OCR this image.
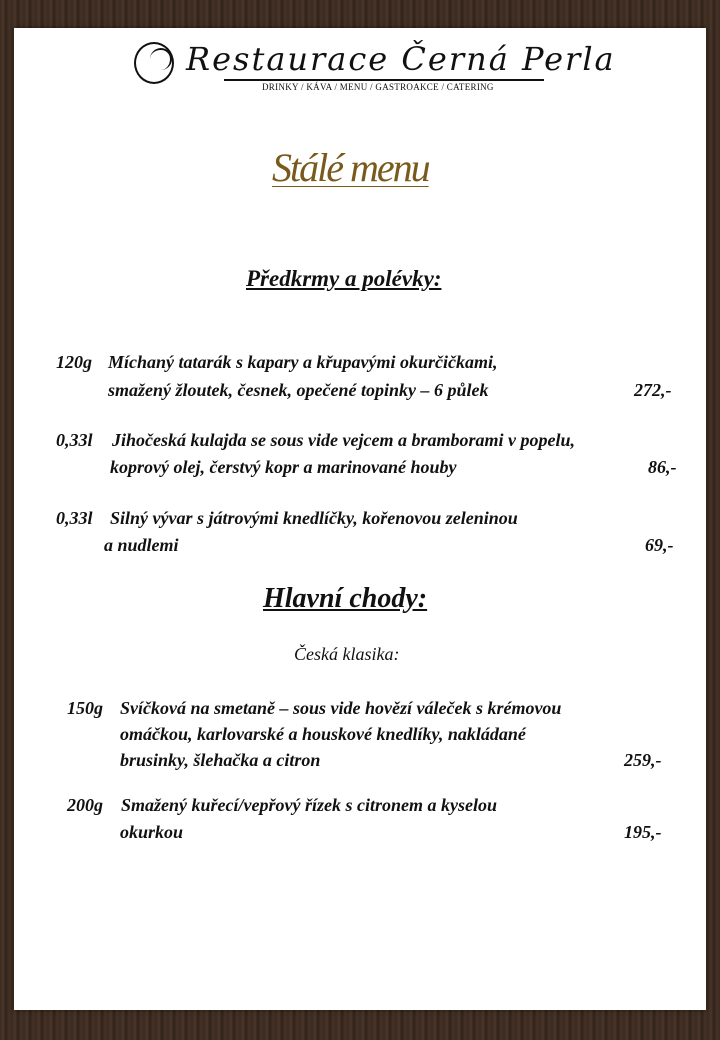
Restaurace Černá Perla
DRINKY / KÁVA / MENU / GASTROAKCE / CATERING
Stálé menu
Předkrmy a polévky:
120g Míchaný tatarák s kapary a křupavými okurčičkami,
smažený žloutek, česnek, opečené topinky – 6 půlek	272,-
0,33l Jihočeská kulajda se sous vide vejcem a bramborami v popelu,
koprový olej, čerstvý kopr a marinované houby	86,-
0,33l Silný vývar s játrovými knedlíčky, kořenovou zeleninou
a nudlemi	69,-
Hlavní chody:
Česká klasika:
150g Svíčková na smetaně – sous vide hovězí váleček s krémovou
omáčkou, karlovarské a houskové knedlíky, nakládané
brusinky, šlehačka a citron	259,-
200g Smažený kuřecí/vepřový řízek s citronem a kyselou
okurkou	195,-
